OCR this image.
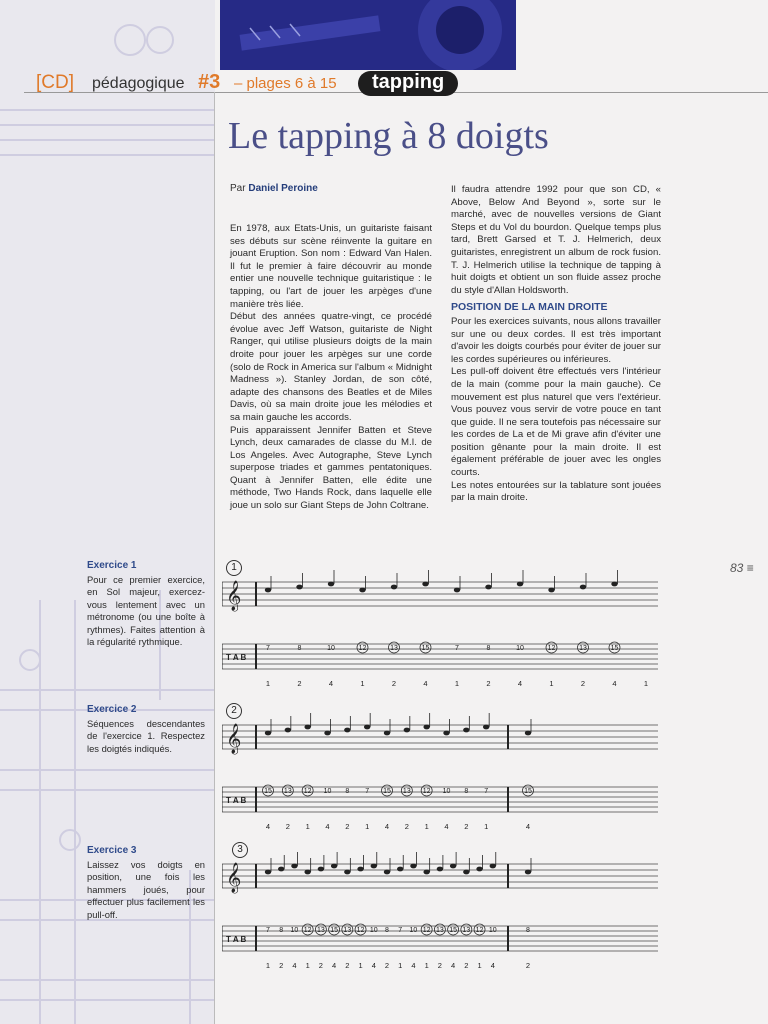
[CD] pédagogique #3 – plages 6 à 15	tapping
Le tapping à 8 doigts
Par Daniel Peroine

En 1978, aux Etats-Unis, un guitariste faisant ses débuts sur scène réinvente la guitare en jouant Eruption. Son nom : Edward Van Halen. Il fut le premier à faire découvrir au monde entier une nouvelle technique guitaristique : le tapping, ou l'art de jouer les arpèges d'une manière très liée.

Début des années quatre-vingt, ce procédé évolue avec Jeff Watson, guitariste de Night Ranger, qui utilise plusieurs doigts de la main droite pour jouer les arpèges sur une corde (solo de Rock in America sur l'album « Midnight Madness »). Stanley Jordan, de son côté, adapte des chansons des Beatles et de Miles Davis, où sa main droite joue les mélodies et sa main gauche les accords.

Puis apparaissent Jennifer Batten et Steve Lynch, deux camarades de classe du M.I. de Los Angeles. Avec Autographe, Steve Lynch superpose triades et gammes pentatoniques. Quant à Jennifer Batten, elle édite une méthode, Two Hands Rock, dans laquelle elle joue un solo sur Giant Steps de John Coltrane.

Il faudra attendre 1992 pour que son CD, « Above, Below And Beyond », sorte sur le marché, avec de nouvelles versions de Giant Steps et du Vol du bourdon. Quelque temps plus tard, Brett Garsed et T. J. Helmerich, deux guitaristes, enregistrent un album de rock fusion. T. J. Helmerich utilise la technique de tapping à huit doigts et obtient un son fluide assez proche du style d'Allan Holdsworth.

POSITION DE LA MAIN DROITE

Pour les exercices suivants, nous allons travailler sur une ou deux cordes. Il est très important d'avoir les doigts courbés pour éviter de jouer sur les cordes supérieures ou inférieures.

Les pull-off doivent être effectués vers l'intérieur de la main (comme pour la main gauche). Ce mouvement est plus naturel que vers l'extérieur. Vous pouvez vous servir de votre pouce en tant que guide. Il ne sera toutefois pas nécessaire sur les cordes de La et de Mi grave afin d'éviter une position gênante pour la main droite. Il est également préférable de jouer avec les ongles courts.

Les notes entourées sur la tablature sont jouées par la main droite.

Exercice 1
Pour ce premier exercice, en Sol majeur, exercez-vous lentement avec un métronome (ou une boîte à rythmes). Faites attention à la régularité rythmique.
Exercice 2
Séquences descendantes de l'exercice 1. Respectez les doigtés indiqués.
Exercice 3
Laissez vos doigts en position, une fois les hammers joués, pour effectuer plus facilement les pull-off.
1
𝄞
T A B
7	8	10	12	13	15	7	8	10	12	13	15
1	2	4	1	2	4	1	2	4	1	2	4	1
2
𝄞
T A B
15 13 12 10 8 7 15 13 12 10 8 7	15
4 2 1 4 2 1 4 2 1 4 2 1	4
3
𝄞
T A B
7 8 10 12 13 15 13 12 10 8 7 10 12 13 15 13 12 10	8
1 2 4 1 2 4 2 1 4 2 1 4 1 2 4 2 1 4	2
83 ≡
